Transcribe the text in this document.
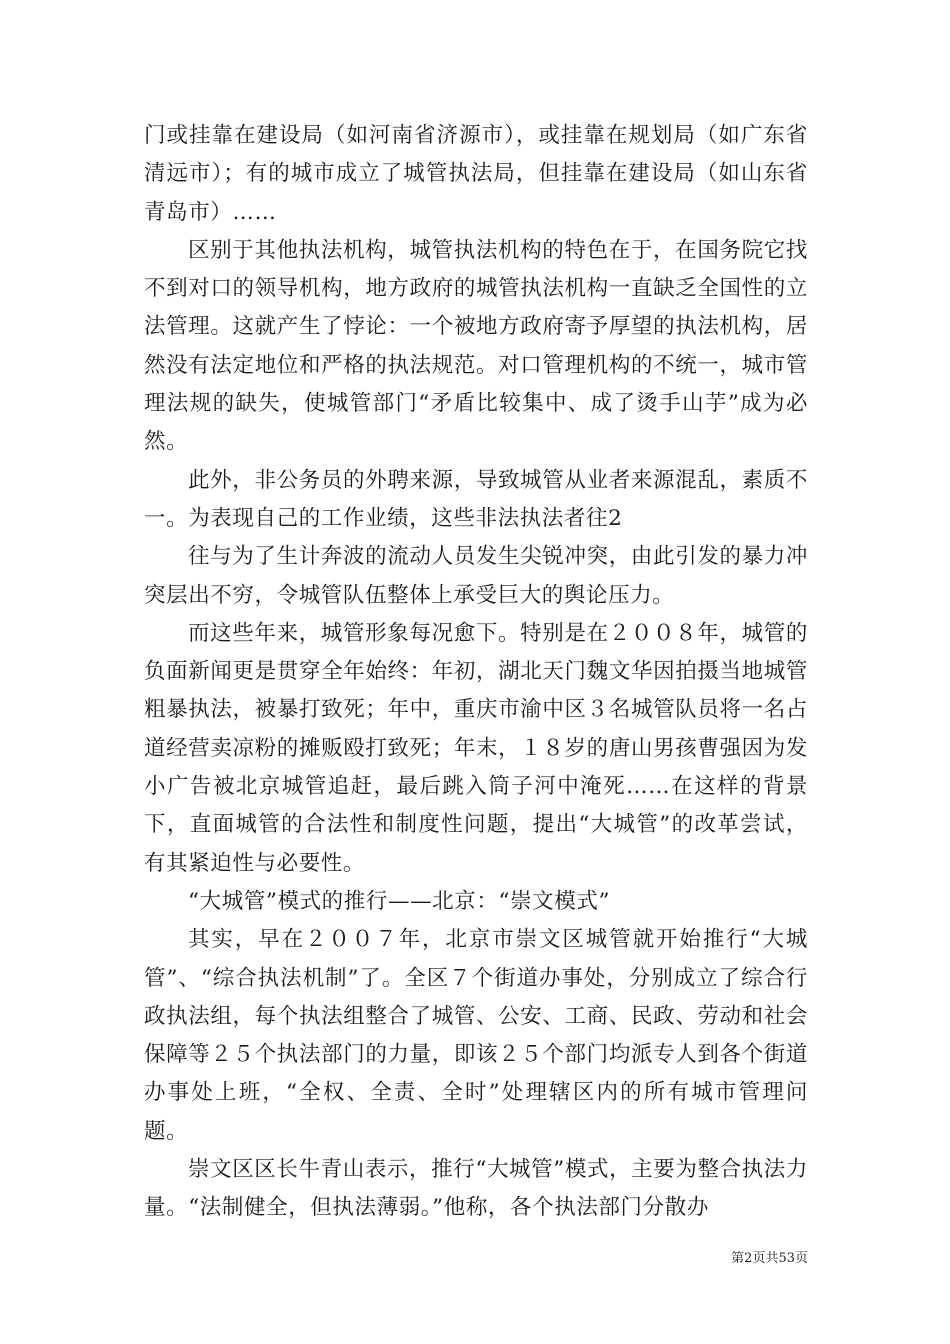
门或挂靠在建设局（如河南省济源市），或挂靠在规划局（如广东省清远市）；有的城市成立了城管执法局，但挂靠在建设局（如山东省青岛市）……

区别于其他执法机构，城管执法机构的特色在于，在国务院它找不到对口的领导机构，地方政府的城管执法机构一直缺乏全国性的立法管理。这就产生了悖论：一个被地方政府寄予厚望的执法机构，居然没有法定地位和严格的执法规范。对口管理机构的不统一，城市管理法规的缺失，使城管部门“矛盾比较集中、成了烫手山芋”成为必然。

此外，非公务员的外聘来源，导致城管从业者来源混乱，素质不一。为表现自己的工作业绩，这些非法执法者往2

往与为了生计奔波的流动人员发生尖锐冲突，由此引发的暴力冲突层出不穷，令城管队伍整体上承受巨大的舆论压力。

而这些年来，城管形象每况愈下。特别是在２００８年，城管的负面新闻更是贯穿全年始终：年初，湖北天门魏文华因拍摄当地城管粗暴执法，被暴打致死；年中，重庆市渝中区３名城管队员将一名占道经营卖凉粉的摊贩殴打致死；年末，１８岁的唐山男孩曹强因为发小广告被北京城管追赶，最后跳入筒子河中淹死……在这样的背景下，直面城管的合法性和制度性问题，提出“大城管”的改革尝试，有其紧迫性与必要性。

“大城管”模式的推行——北京：“崇文模式”

其实，早在２００７年，北京市崇文区城管就开始推行“大城管”、“综合执法机制”了。全区７个街道办事处，分别成立了综合行政执法组，每个执法组整合了城管、公安、工商、民政、劳动和社会保障等２５个执法部门的力量，即该２５个部门均派专人到各个街道办事处上班，“全权、全责、全时”处理辖区内的所有城市管理问题。

崇文区区长牛青山表示，推行“大城管”模式，主要为整合执法力量。“法制健全，但执法薄弱。”他称，各个执法部门分散办

第2页共53页
